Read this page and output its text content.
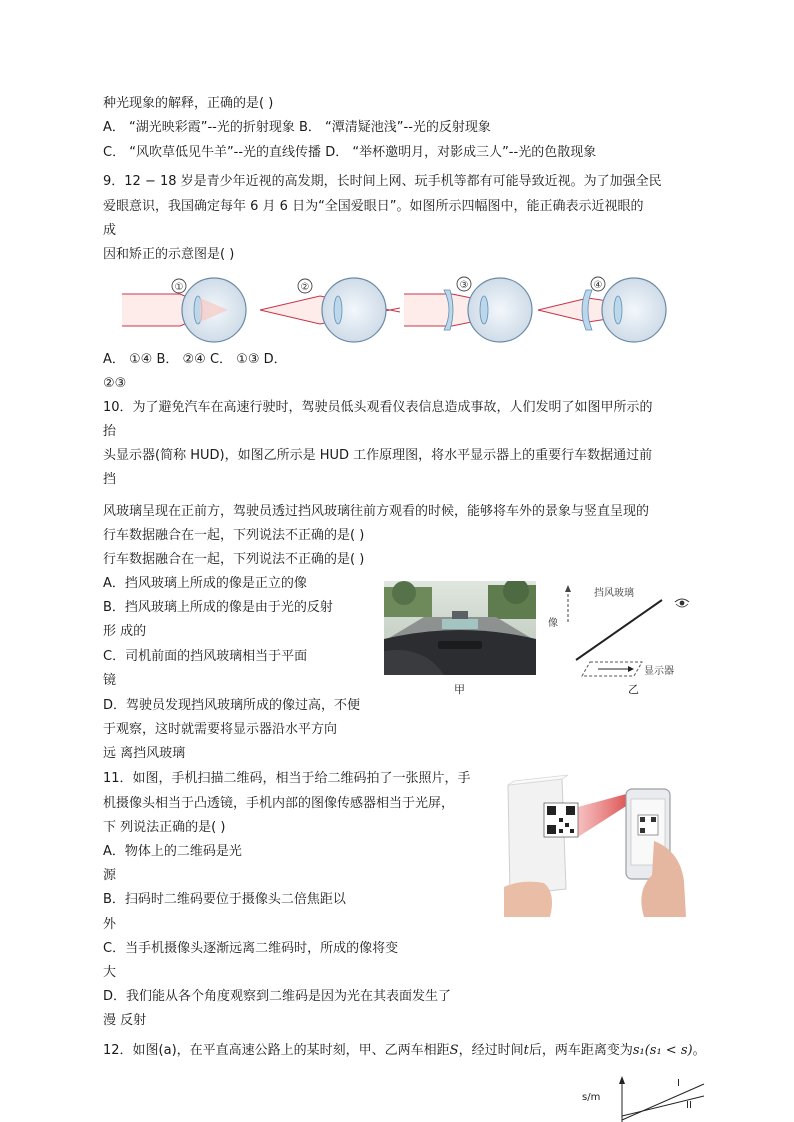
种光现象的解释，正确的是( )
A． “湖光映彩霞”--光的折射现象 B． “潭清疑池浅”--光的反射现象
C． “风吹草低见牛羊”--光的直线传播 D． “举杯邀明月，对影成三人”--光的色散现象
9．12 − 18 岁是青少年近视的高发期，长时间上网、玩手机等都有可能导致近视。为了加强全民
爱眼意识，我国确定每年 6 月 6 日为“全国爱眼日”。如图所示四幅图中，能正确表示近视眼的
成
因和矫正的示意图是( )
①	②	③	④
A． ①④ B． ②④ C． ①③ D．
②③
10．为了避免汽车在高速行驶时，驾驶员低头观看仪表信息造成事故，人们发明了如图甲所示的
抬
头显示器(简称 HUD)，如图乙所示是 HUD 工作原理图，将水平显示器上的重要行车数据通过前
挡
风玻璃呈现在正前方，驾驶员透过挡风玻璃往前方观看的时候，能够将车外的景象与竖直呈现的
行车数据融合在一起，下列说法不正确的是( )
行车数据融合在一起，下列说法不正确的是( )
A．挡风玻璃上所成的像是正立的像
B．挡风玻璃上所成的像是由于光的反射
形 成的
C．司机前面的挡风玻璃相当于平面
镜
D．驾驶员发现挡风玻璃所成的像过高，不便
于观察，这时就需要将显示器沿水平方向
远 离挡风玻璃
甲
挡风玻璃
像
显示器
乙
11．如图，手机扫描二维码，相当于给二维码拍了一张照片，手
机摄像头相当于凸透镜，手机内部的图像传感器相当于光屏，
下 列说法正确的是( )
A．物体上的二维码是光
源
B．扫码时二维码要位于摄像头二倍焦距以
外
C．当手机摄像头逐渐远离二维码时，所成的像将变
大
D．我们能从各个角度观察到二维码是因为光在其表面发生了
漫 反射
12．如图(a)，在平直高速公路上的某时刻，甲、乙两车相距S，经过时间t后，两车距离变为s₁(s₁ < s)。
s/m
I
II
